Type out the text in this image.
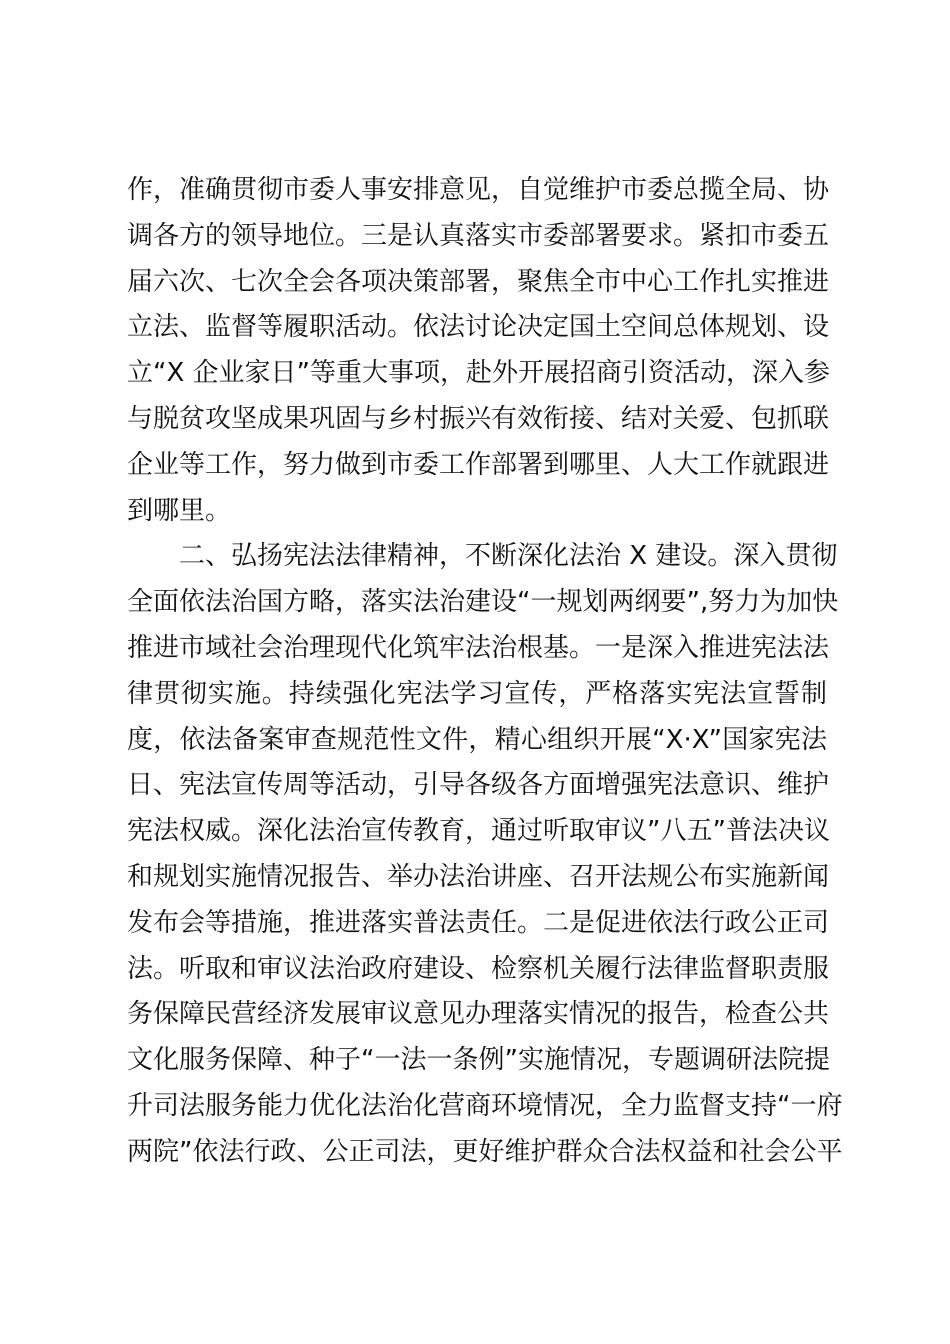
作，准确贯彻市委人事安排意见，自觉维护市委总揽全局、协
调各方的领导地位。三是认真落实市委部署要求。紧扣市委五
届六次、七次全会各项决策部署，聚焦全市中心工作扎实推进
立法、监督等履职活动。依法讨论决定国土空间总体规划、设
立“X 企业家日”等重大事项，赴外开展招商引资活动，深入参
与脱贫攻坚成果巩固与乡村振兴有效衔接、结对关爱、包抓联
企业等工作，努力做到市委工作部署到哪里、人大工作就跟进
到哪里。
二、弘扬宪法法律精神，不断深化法治 X 建设。深入贯彻
全面依法治国方略，落实法治建设“一规划两纲要”,努力为加快
推进市域社会治理现代化筑牢法治根基。一是深入推进宪法法
律贯彻实施。持续强化宪法学习宣传，严格落实宪法宣誓制
度，依法备案审查规范性文件，精心组织开展“X·X”国家宪法
日、宪法宣传周等活动，引导各级各方面增强宪法意识、维护
宪法权威。深化法治宣传教育，通过听取审议”八五”普法决议
和规划实施情况报告、举办法治讲座、召开法规公布实施新闻
发布会等措施，推进落实普法责任。二是促进依法行政公正司
法。听取和审议法治政府建设、检察机关履行法律监督职责服
务保障民营经济发展审议意见办理落实情况的报告，检查公共
文化服务保障、种子“一法一条例”实施情况，专题调研法院提
升司法服务能力优化法治化营商环境情况，全力监督支持“一府
两院”依法行政、公正司法，更好维护群众合法权益和社会公平
